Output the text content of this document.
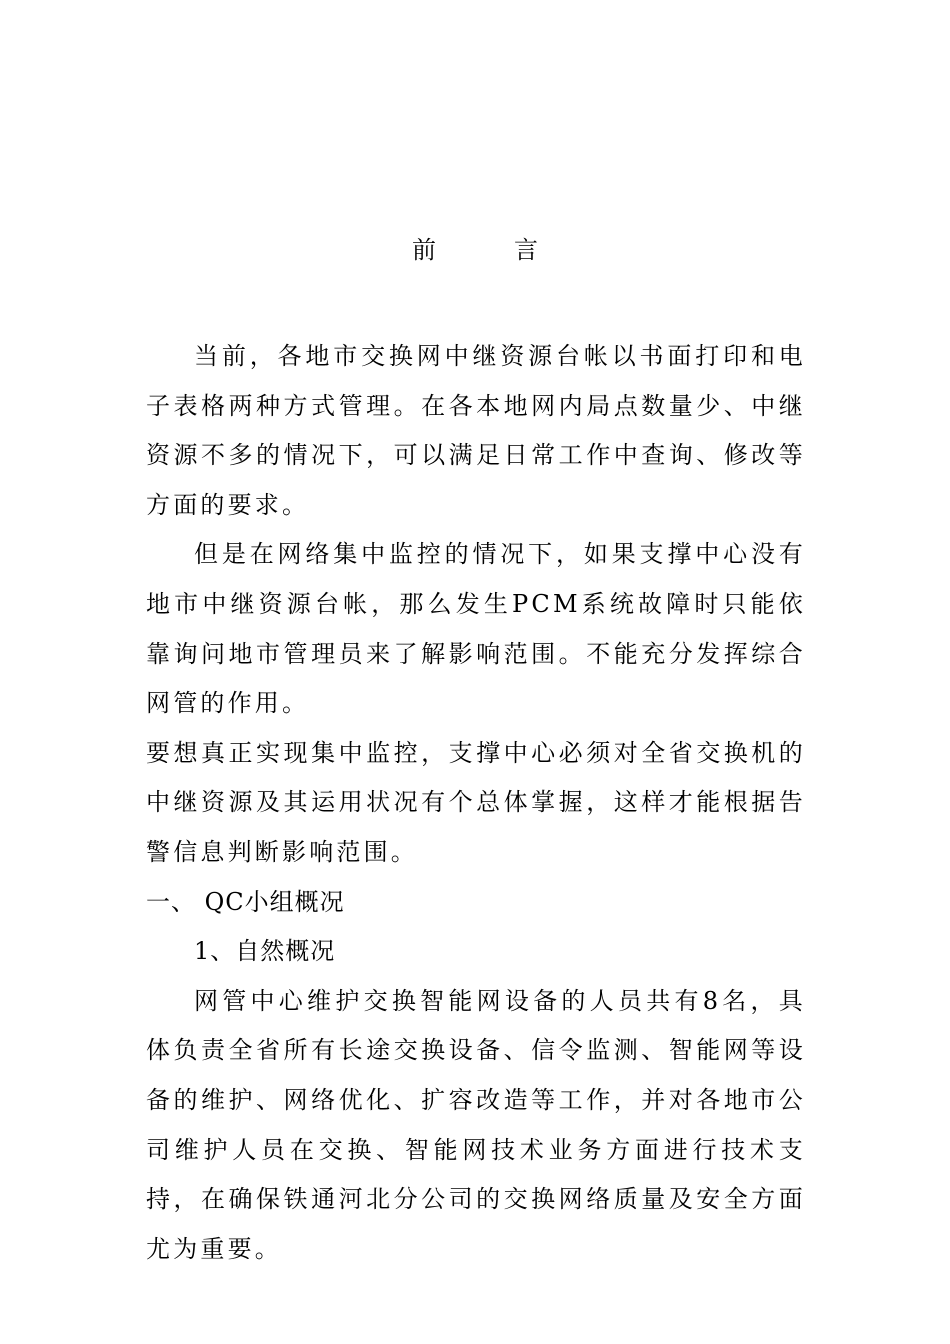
前	言

当前，各地市交换网中继资源台帐以书面打印和电子表格两种方式管理。在各本地网内局点数量少、中继资源不多的情况下，可以满足日常工作中查询、修改等方面的要求。

但是在网络集中监控的情况下，如果支撑中心没有地市中继资源台帐，那么发生PCM系统故障时只能依靠询问地市管理员来了解影响范围。不能充分发挥综合网管的作用。

要想真正实现集中监控，支撑中心必须对全省交换机的中继资源及其运用状况有个总体掌握，这样才能根据告警信息判断影响范围。

一、 QC小组概况

1、自然概况

网管中心维护交换智能网设备的人员共有8名，具体负责全省所有长途交换设备、信令监测、智能网等设备的维护、网络优化、扩容改造等工作，并对各地市公司维护人员在交换、智能网技术业务方面进行技术支持，在确保铁通河北分公司的交换网络质量及安全方面尤为重要。
